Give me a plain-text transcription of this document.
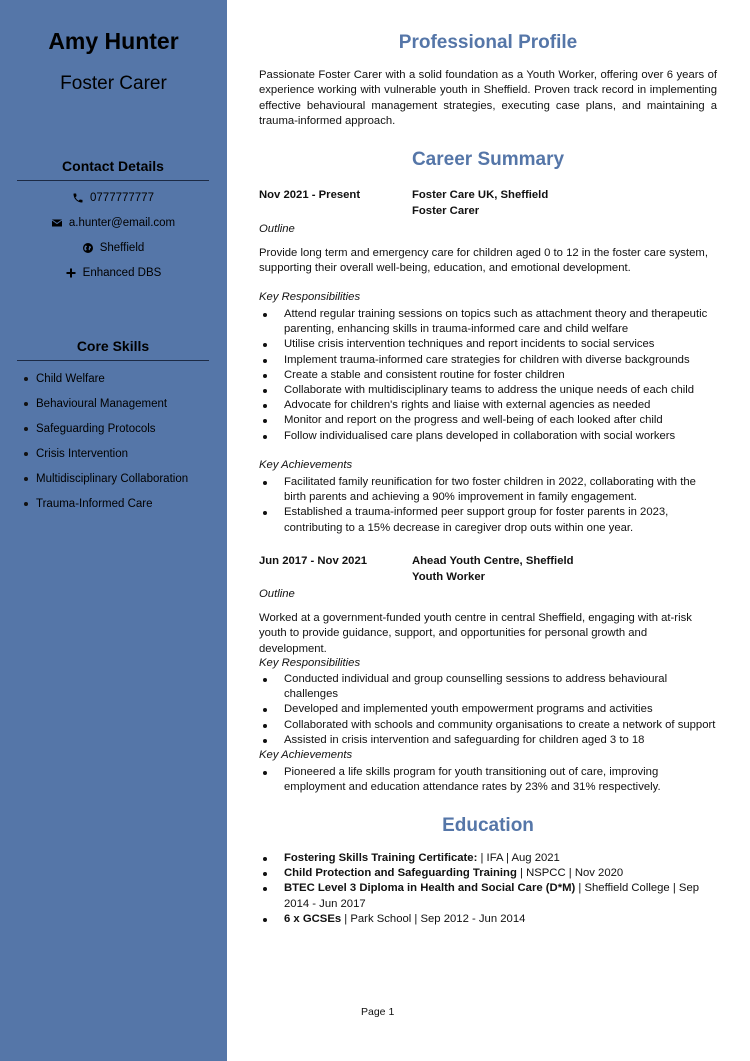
Amy Hunter
Foster Carer
Contact Details
0777777777
a.hunter@email.com
Sheffield
Enhanced DBS
Core Skills
Child Welfare
Behavioural Management
Safeguarding Protocols
Crisis Intervention
Multidisciplinary Collaboration
Trauma-Informed Care
Professional Profile
Passionate Foster Carer with a solid foundation as a Youth Worker, offering over 6 years of experience working with vulnerable youth in Sheffield. Proven track record in implementing effective behavioural management strategies, executing case plans, and maintaining a trauma-informed approach.
Career Summary
Nov 2021 - Present	Foster Care UK, Sheffield
Foster Carer
Outline
Provide long term and emergency care for children aged 0 to 12 in the foster care system, supporting their overall well-being, education, and emotional development.
Key Responsibilities
Attend regular training sessions on topics such as attachment theory and therapeutic parenting, enhancing skills in trauma-informed care and child welfare
Utilise crisis intervention techniques and report incidents to social services
Implement trauma-informed care strategies for children with diverse backgrounds
Create a stable and consistent routine for foster children
Collaborate with multidisciplinary teams to address the unique needs of each child
Advocate for children's rights and liaise with external agencies as needed
Monitor and report on the progress and well-being of each looked after child
Follow individualised care plans developed in collaboration with social workers
Key Achievements
Facilitated family reunification for two foster children in 2022, collaborating with the birth parents and achieving a 90% improvement in family engagement.
Established a trauma-informed peer support group for foster parents in 2023, contributing to a 15% decrease in caregiver drop outs within one year.
Jun 2017 - Nov 2021	Ahead Youth Centre, Sheffield
Youth Worker
Outline
Worked at a government-funded youth centre in central Sheffield, engaging with at-risk youth to provide guidance, support, and opportunities for personal growth and development.
Key Responsibilities
Conducted individual and group counselling sessions to address behavioural challenges
Developed and implemented youth empowerment programs and activities
Collaborated with schools and community organisations to create a network of support
Assisted in crisis intervention and safeguarding for children aged 3 to 18
Key Achievements
Pioneered a life skills program for youth transitioning out of care, improving employment and education attendance rates by 23% and 31% respectively.
Education
Fostering Skills Training Certificate: | IFA | Aug 2021
Child Protection and Safeguarding Training | NSPCC | Nov 2020
BTEC Level 3 Diploma in Health and Social Care (D*M) | Sheffield College | Sep 2014 - Jun 2017
6 x GCSEs | Park School | Sep 2012 - Jun 2014
Page 1
